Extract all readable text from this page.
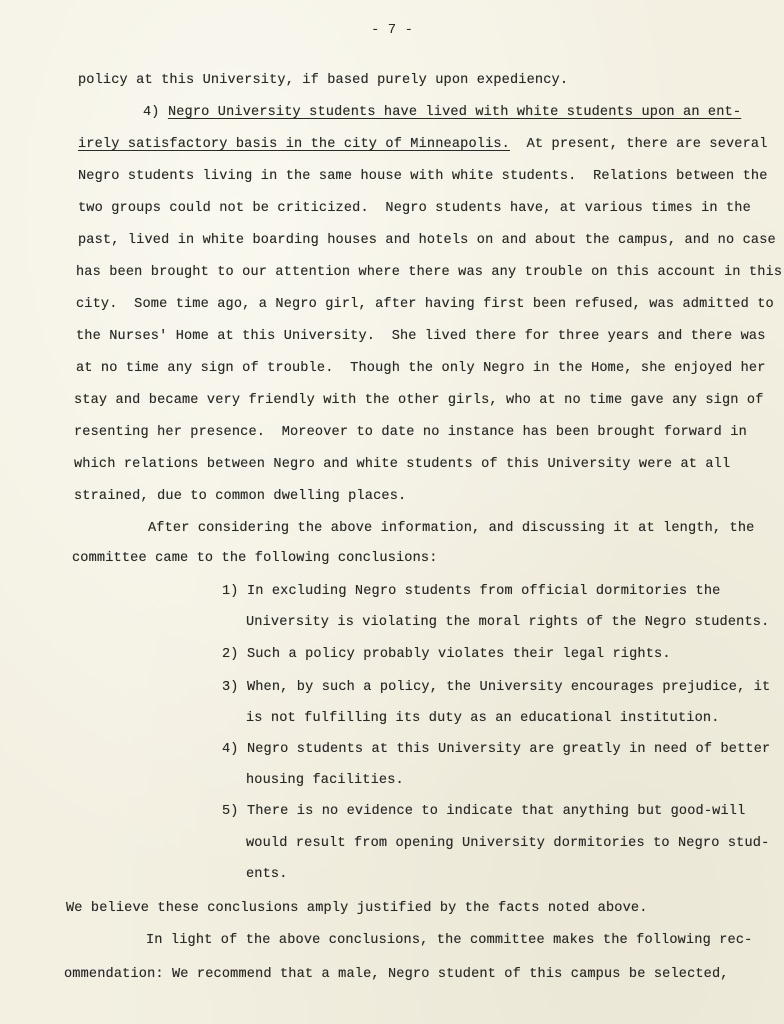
- 7 -
policy at this University, if based purely upon expediency.
4) Negro University students have lived with white students upon an ent-
irely satisfactory basis in the city of Minneapolis.  At present, there are several
Negro students living in the same house with white students.  Relations between the
two groups could not be criticized.  Negro students have, at various times in the
past, lived in white boarding houses and hotels on and about the campus, and no case
has been brought to our attention where there was any trouble on this account in this
city.  Some time ago, a Negro girl, after having first been refused, was admitted to
the Nurses' Home at this University.  She lived there for three years and there was
at no time any sign of trouble.  Though the only Negro in the Home, she enjoyed her
stay and became very friendly with the other girls, who at no time gave any sign of
resenting her presence.  Moreover to date no instance has been brought forward in
which relations between Negro and white students of this University were at all
strained, due to common dwelling places.
After considering the above information, and discussing it at length, the
committee came to the following conclusions:
1) In excluding Negro students from official dormitories the
University is violating the moral rights of the Negro students.
2) Such a policy probably violates their legal rights.
3) When, by such a policy, the University encourages prejudice, it
is not fulfilling its duty as an educational institution.
4) Negro students at this University are greatly in need of better
housing facilities.
5) There is no evidence to indicate that anything but good-will
would result from opening University dormitories to Negro stud-
ents.
We believe these conclusions amply justified by the facts noted above.
In light of the above conclusions, the committee makes the following rec-
ommendation: We recommend that a male, Negro student of this campus be selected,
